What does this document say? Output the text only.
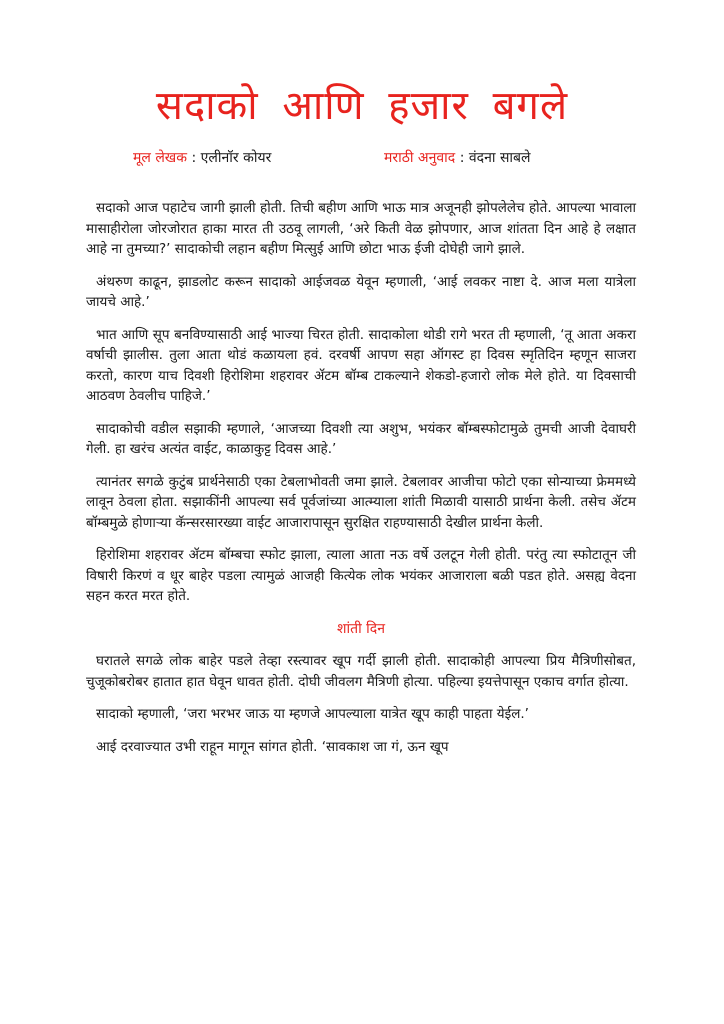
सदाको आणि हजार बगले
मूल लेखक : एलीनॉर कोयर	मराठी अनुवाद : वंदना साबले

सदाको आज पहाटेच जागी झाली होती. तिची बहीण आणि भाऊ मात्र अजूनही झोपलेलेच होते. आपल्या भावाला मासाहीरोला जोरजोरात हाका मारत ती उठवू लागली, ‘अरे किती वेळ झोपणार, आज शांतता दिन आहे हे लक्षात आहे ना तुमच्या?’ सादाकोची लहान बहीण मित्सुई आणि छोटा भाऊ ईजी दोघेही जागे झाले.

अंथरुण काढून, झाडलोट करून सादाको आईजवळ येवून म्हणाली, ‘आई लवकर नाष्टा दे. आज मला यात्रेला जायचे आहे.’

भात आणि सूप बनविण्यासाठी आई भाज्या चिरत होती. सादाकोला थोडी रागे भरत ती म्हणाली, ‘तू आता अकरा वर्षाची झालीस. तुला आता थोडं कळायला हवं. दरवर्षी आपण सहा ऑगस्ट हा दिवस स्मृतिदिन म्हणून साजरा करतो, कारण याच दिवशी हिरोशिमा शहरावर ॲटम बॉम्ब टाकल्याने शेकडो-हजारो लोक मेले होते. या दिवसाची आठवण ठेवलीच पाहिजे.’

सादाकोची वडील सझाकी म्हणाले, ‘आजच्या दिवशी त्या अशुभ, भयंकर बॉम्बस्फोटामुळे तुमची आजी देवाघरी गेली. हा खरंच अत्यंत वाईट, काळाकुट्ट दिवस आहे.’

त्यानंतर सगळे कुटुंब प्रार्थनेसाठी एका टेबलाभोवती जमा झाले. टेबलावर आजीचा फोटो एका सोन्याच्या फ्रेममध्ये लावून ठेवला होता. सझाकींनी आपल्या सर्व पूर्वजांच्या आत्म्याला शांती मिळावी यासाठी प्रार्थना केली. तसेच ॲटम बॉम्बमुळे होणाऱ्या कॅन्सरसारख्या वाईट आजारापासून सुरक्षित राहण्यासाठी देखील प्रार्थना केली.

हिरोशिमा शहरावर ॲटम बॉम्बचा स्फोट झाला, त्याला आता नऊ वर्षे उलटून गेली होती. परंतु त्या स्फोटातून जी विषारी किरणं व धूर बाहेर पडला त्यामुळं आजही कित्येक लोक भयंकर आजाराला बळी पडत होते. असह्य वेदना सहन करत मरत होते.

शांती दिन

घरातले सगळे लोक बाहेर पडले तेव्हा रस्त्यावर खूप गर्दी झाली होती. सादाकोही आपल्या प्रिय मैत्रिणीसोबत, चुजूकोबरोबर हातात हात घेवून धावत होती. दोघी जीवलग मैत्रिणी होत्या. पहिल्या इयत्तेपासून एकाच वर्गात होत्या.

सादाको म्हणाली, ‘जरा भरभर जाऊ या म्हणजे आपल्याला यात्रेत खूप काही पाहता येईल.’

आई दरवाज्यात उभी राहून मागून सांगत होती. ‘सावकाश जा गं, ऊन खूप
